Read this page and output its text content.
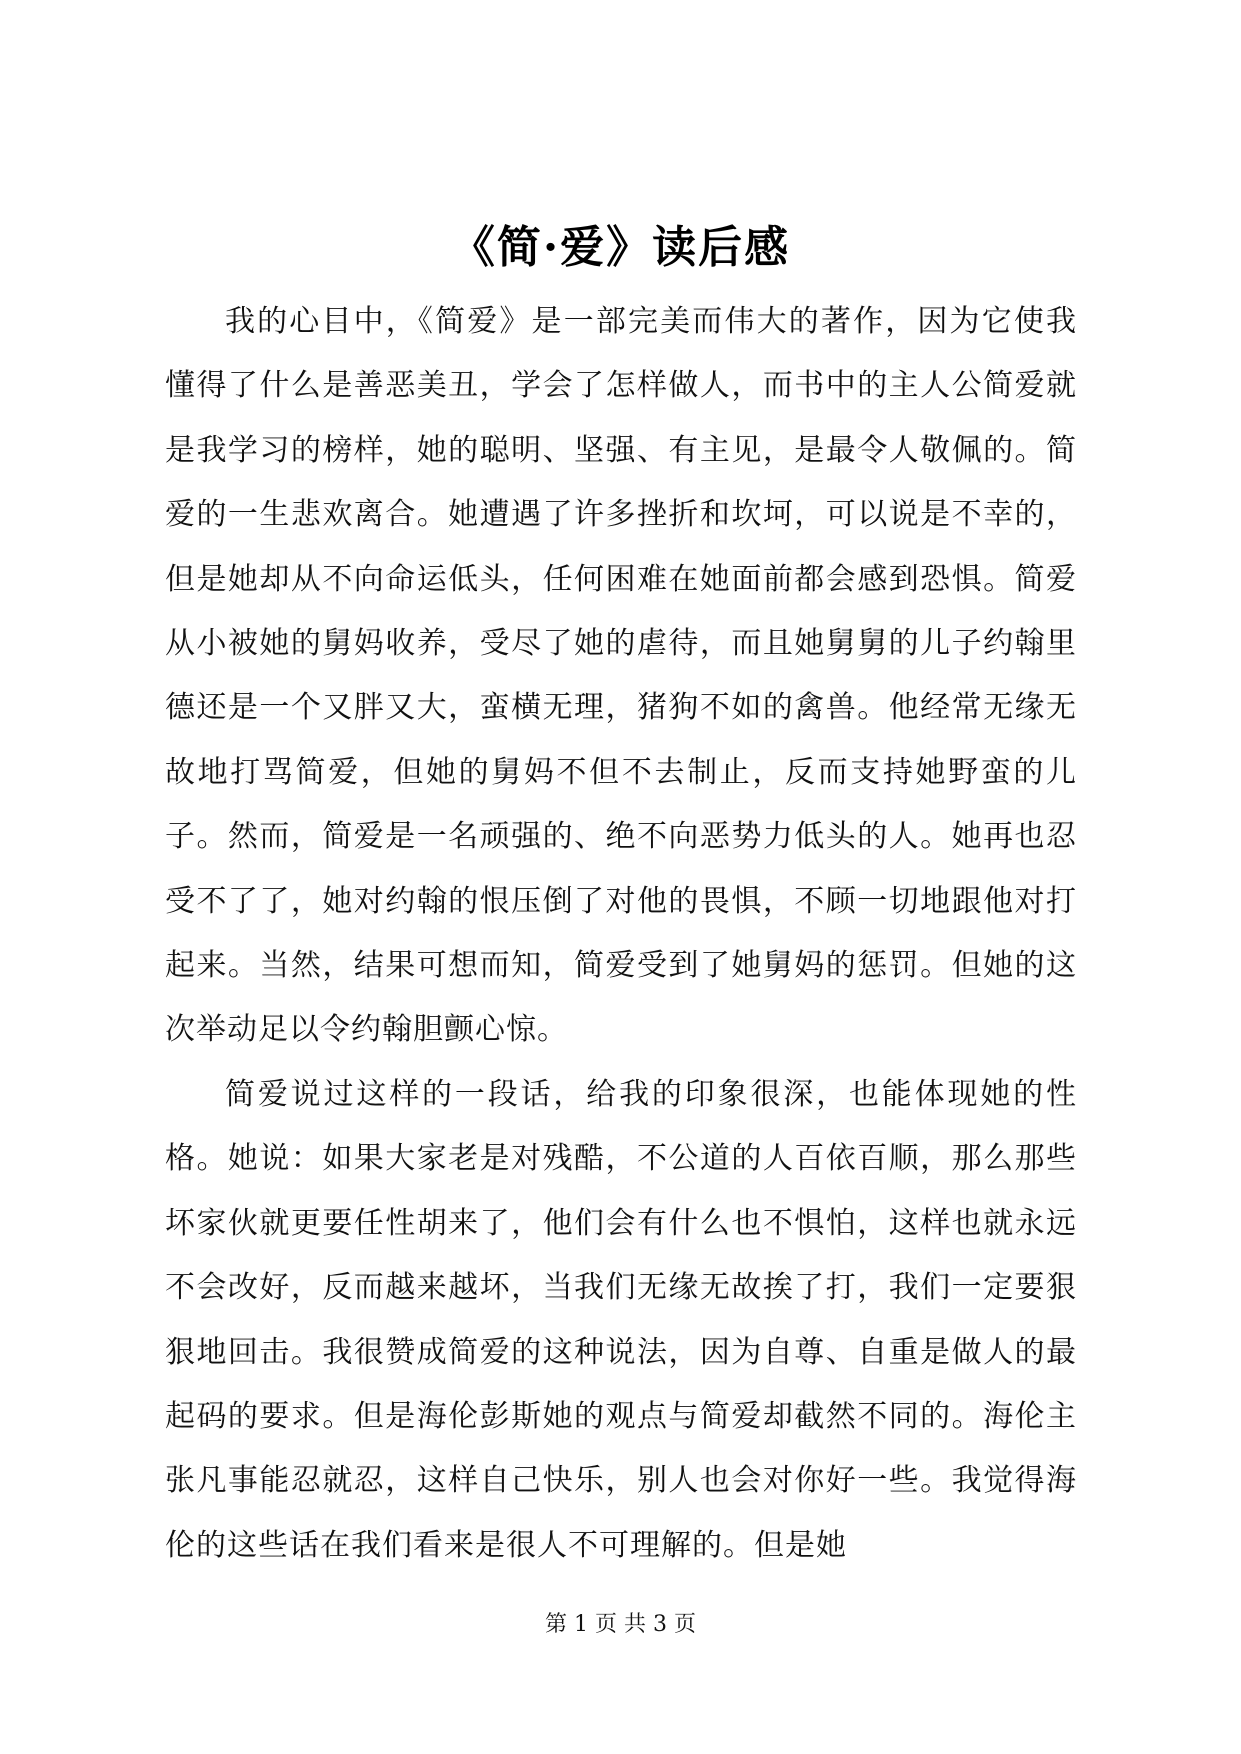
《简·爱》读后感

我的心目中，《简爱》是一部完美而伟大的著作，因为它使我懂得了什么是善恶美丑，学会了怎样做人，而书中的主人公简爱就是我学习的榜样，她的聪明、坚强、有主见，是最令人敬佩的。简爱的一生悲欢离合。她遭遇了许多挫折和坎坷，可以说是不幸的，但是她却从不向命运低头，任何困难在她面前都会感到恐惧。简爱从小被她的舅妈收养，受尽了她的虐待，而且她舅舅的儿子约翰里德还是一个又胖又大，蛮横无理，猪狗不如的禽兽。他经常无缘无故地打骂简爱，但她的舅妈不但不去制止，反而支持她野蛮的儿子。然而，简爱是一名顽强的、绝不向恶势力低头的人。她再也忍受不了了，她对约翰的恨压倒了对他的畏惧，不顾一切地跟他对打起来。当然，结果可想而知，简爱受到了她舅妈的惩罚。但她的这次举动足以令约翰胆颤心惊。

简爱说过这样的一段话，给我的印象很深，也能体现她的性格。她说：如果大家老是对残酷，不公道的人百依百顺，那么那些坏家伙就更要任性胡来了，他们会有什么也不惧怕，这样也就永远不会改好，反而越来越坏，当我们无缘无故挨了打，我们一定要狠狠地回击。我很赞成简爱的这种说法，因为自尊、自重是做人的最起码的要求。但是海伦彭斯她的观点与简爱却截然不同的。海伦主张凡事能忍就忍，这样自己快乐，别人也会对你好一些。我觉得海伦的这些话在我们看来是很人不可理解的。但是她

第 1 页 共 3 页
